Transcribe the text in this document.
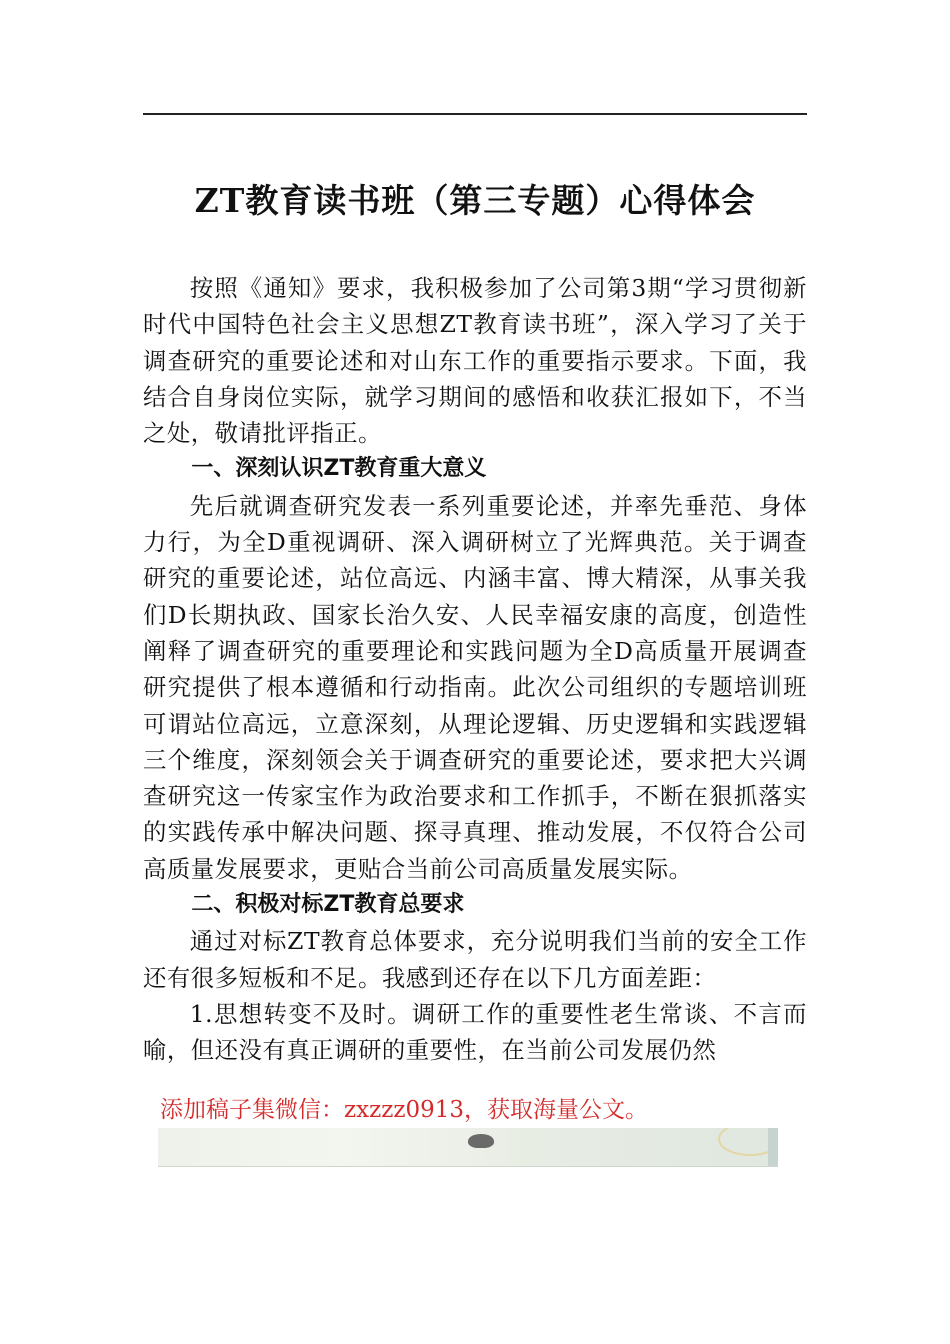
ZT教育读书班（第三专题）心得体会

按照《通知》要求，我积极参加了公司第3期“学习贯彻新时代中国特色社会主义思想ZT教育读书班”，深入学习了关于调查研究的重要论述和对山东工作的重要指示要求。下面，我结合自身岗位实际，就学习期间的感悟和收获汇报如下，不当之处，敬请批评指正。

一、深刻认识ZT教育重大意义

先后就调查研究发表一系列重要论述，并率先垂范、身体力行，为全D重视调研、深入调研树立了光辉典范。关于调查研究的重要论述，站位高远、内涵丰富、博大精深，从事关我们D长期执政、国家长治久安、人民幸福安康的高度，创造性阐释了调查研究的重要理论和实践问题为全D高质量开展调查研究提供了根本遵循和行动指南。此次公司组织的专题培训班可谓站位高远，立意深刻，从理论逻辑、历史逻辑和实践逻辑三个维度，深刻领会关于调查研究的重要论述，要求把大兴调查研究这一传家宝作为政治要求和工作抓手，不断在狠抓落实的实践传承中解决问题、探寻真理、推动发展，不仅符合公司高质量发展要求，更贴合当前公司高质量发展实际。

二、积极对标ZT教育总要求

通过对标ZT教育总体要求，充分说明我们当前的安全工作还有很多短板和不足。我感到还存在以下几方面差距：

1.思想转变不及时。调研工作的重要性老生常谈、不言而喻，但还没有真正调研的重要性，在当前公司发展仍然

添加稿子集微信：zxzzz0913，获取海量公文。
